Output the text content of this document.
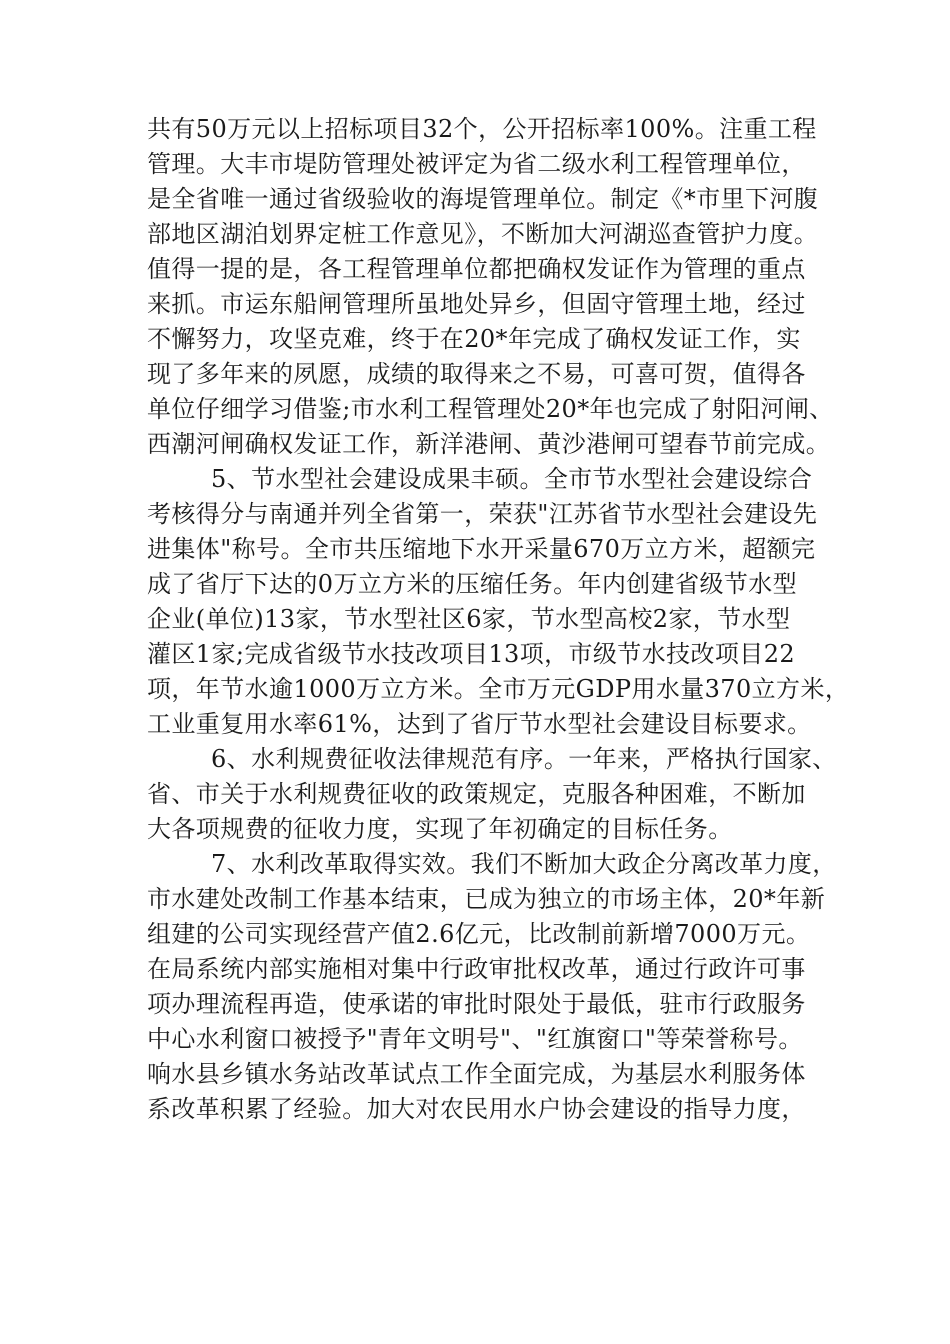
共有50万元以上招标项目32个，公开招标率100%。注重工程
管理。大丰市堤防管理处被评定为省二级水利工程管理单位，
是全省唯一通过省级验收的海堤管理单位。制定《*市里下河腹
部地区湖泊划界定桩工作意见》，不断加大河湖巡查管护力度。
值得一提的是，各工程管理单位都把确权发证作为管理的重点
来抓。市运东船闸管理所虽地处异乡，但固守管理土地，经过
不懈努力，攻坚克难，终于在20*年完成了确权发证工作，实
现了多年来的夙愿，成绩的取得来之不易，可喜可贺，值得各
单位仔细学习借鉴;市水利工程管理处20*年也完成了射阳河闸、
西潮河闸确权发证工作，新洋港闸、黄沙港闸可望春节前完成。
5、节水型社会建设成果丰硕。全市节水型社会建设综合
考核得分与南通并列全省第一，荣获"江苏省节水型社会建设先
进集体"称号。全市共压缩地下水开采量670万立方米，超额完
成了省厅下达的0万立方米的压缩任务。年内创建省级节水型
企业(单位)13家，节水型社区6家，节水型高校2家，节水型
灌区1家;完成省级节水技改项目13项，市级节水技改项目22
项，年节水逾1000万立方米。全市万元GDP用水量370立方米，
工业重复用水率61%，达到了省厅节水型社会建设目标要求。
6、水利规费征收法律规范有序。一年来，严格执行国家、
省、市关于水利规费征收的政策规定，克服各种困难，不断加
大各项规费的征收力度，实现了年初确定的目标任务。
7、水利改革取得实效。我们不断加大政企分离改革力度，
市水建处改制工作基本结束，已成为独立的市场主体，20*年新
组建的公司实现经营产值2.6亿元，比改制前新增7000万元。
在局系统内部实施相对集中行政审批权改革，通过行政许可事
项办理流程再造，使承诺的审批时限处于最低，驻市行政服务
中心水利窗口被授予"青年文明号"、"红旗窗口"等荣誉称号。
响水县乡镇水务站改革试点工作全面完成，为基层水利服务体
系改革积累了经验。加大对农民用水户协会建设的指导力度，
